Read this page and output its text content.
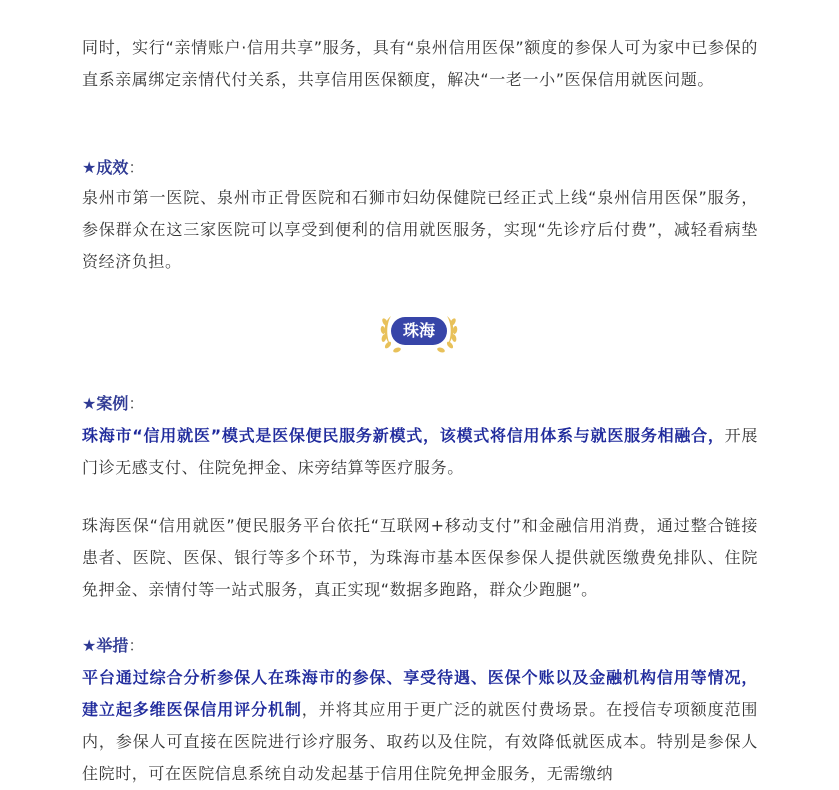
同时，实行“亲情账户·信用共享”服务，具有“泉州信用医保”额度的参保人可为家中已参保的直系亲属绑定亲情代付关系，共享信用医保额度，解决“一老一小”医保信用就医问题。

★成效：

泉州市第一医院、泉州市正骨医院和石狮市妇幼保健院已经正式上线“泉州信用医保”服务，参保群众在这三家医院可以享受到便利的信用就医服务，实现“先诊疗后付费”，减轻看病垫资经济负担。

珠海

★案例：

珠海市“信用就医”模式是医保便民服务新模式，该模式将信用体系与就医服务相融合，开展门诊无感支付、住院免押金、床旁结算等医疗服务。

珠海医保“信用就医”便民服务平台依托“互联网+移动支付”和金融信用消费，通过整合链接患者、医院、医保、银行等多个环节，为珠海市基本医保参保人提供就医缴费免排队、住院免押金、亲情付等一站式服务，真正实现“数据多跑路，群众少跑腿”。

★举措：

平台通过综合分析参保人在珠海市的参保、享受待遇、医保个账以及金融机构信用等情况，建立起多维医保信用评分机制，并将其应用于更广泛的就医付费场景。在授信专项额度范围内，参保人可直接在医院进行诊疗服务、取药以及住院，有效降低就医成本。特别是参保人住院时，可在医院信息系统自动发起基于信用住院免押金服务，无需缴纳
